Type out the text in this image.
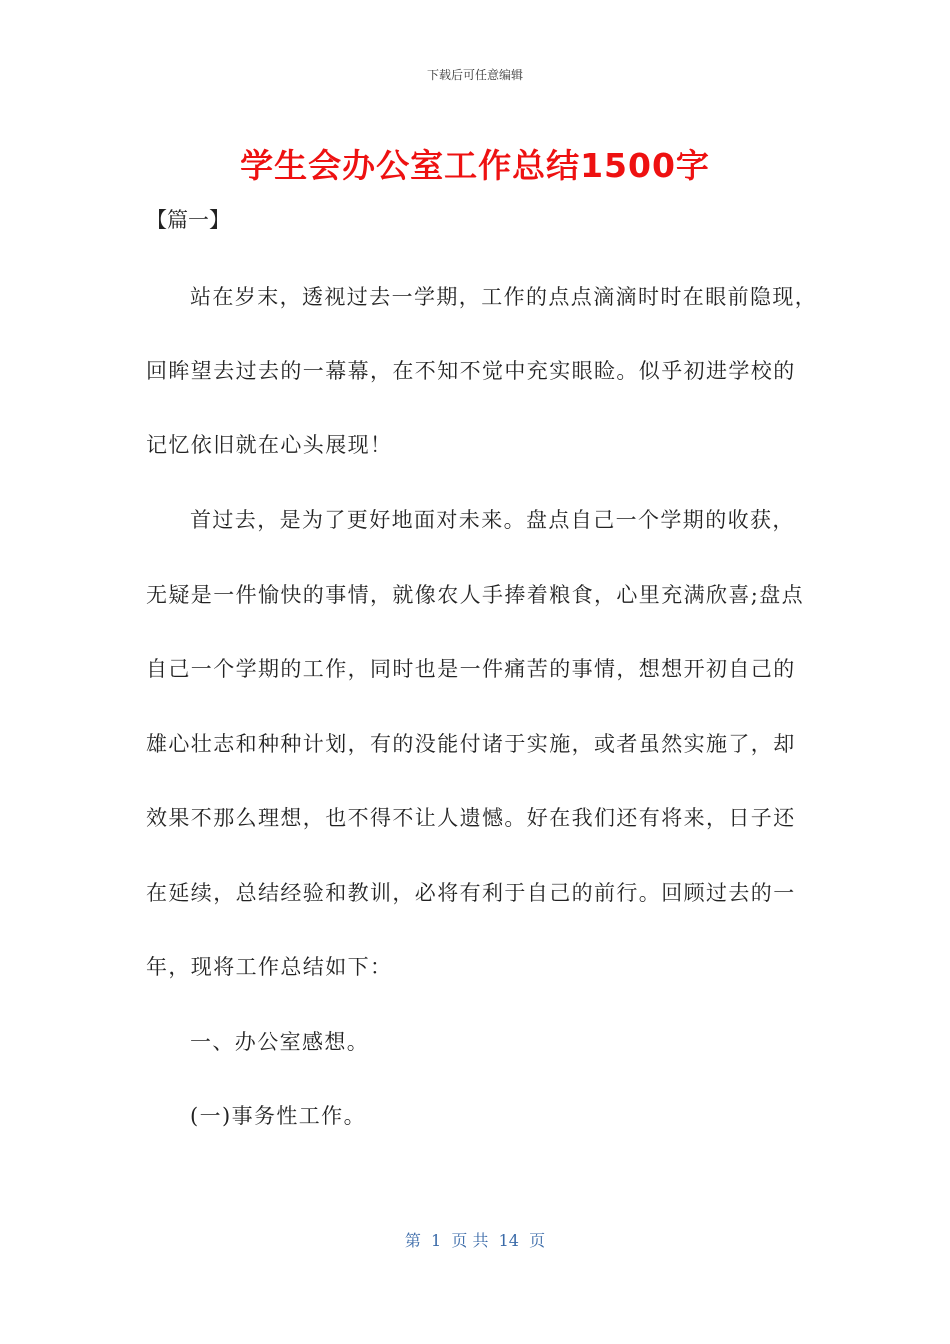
下载后可任意编辑
学生会办公室工作总结1500字
【篇一】
站在岁末，透视过去一学期，工作的点点滴滴时时在眼前隐现，
回眸望去过去的一幕幕，在不知不觉中充实眼睑。似乎初进学校的
记忆依旧就在心头展现！
首过去，是为了更好地面对未来。盘点自己一个学期的收获，
无疑是一件愉快的事情，就像农人手捧着粮食，心里充满欣喜;盘点
自己一个学期的工作，同时也是一件痛苦的事情，想想开初自己的
雄心壮志和种种计划，有的没能付诸于实施，或者虽然实施了，却
效果不那么理想，也不得不让人遗憾。好在我们还有将来，日子还
在延续，总结经验和教训，必将有利于自己的前行。回顾过去的一
年，现将工作总结如下：
一、办公室感想。
(一)事务性工作。
第  1  页 共  14  页
